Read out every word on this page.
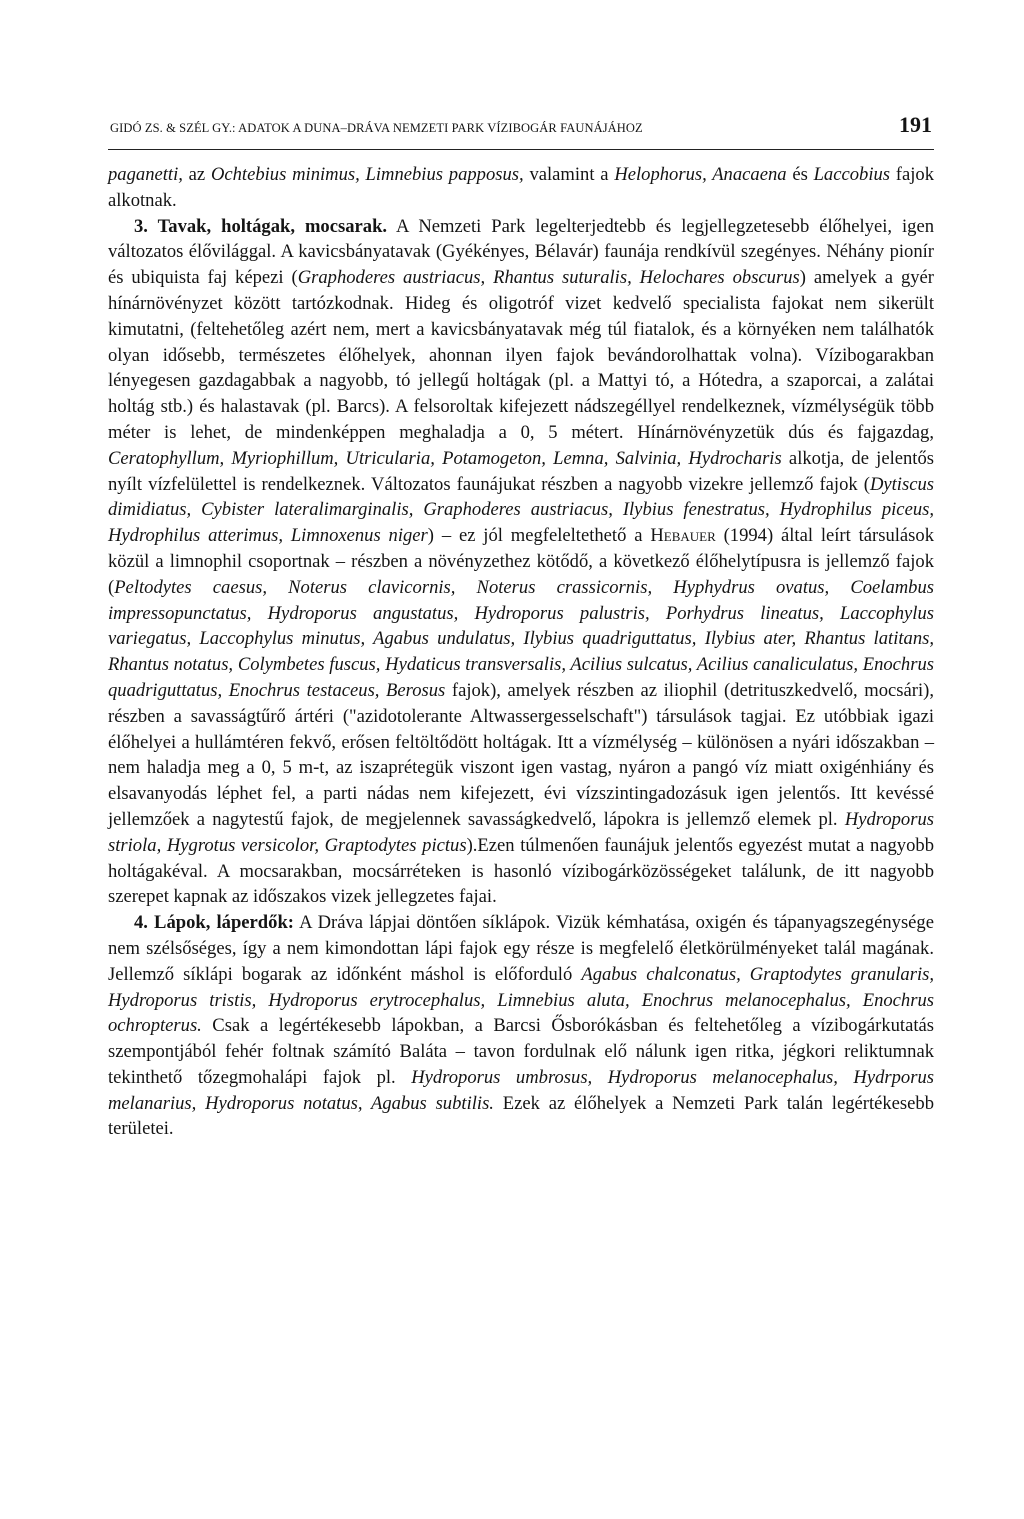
GIDÓ ZS. & SZÉL GY.: ADATOK A DUNA–DRÁVA NEMZETI PARK VÍZIBOGÁR FAUNÁJÁHOZ	191

paganetti, az Ochtebius minimus, Limnebius papposus, valamint a Helophorus, Anacaena és Laccobius fajok alkotnak.

3. Tavak, holtágak, mocsarak. A Nemzeti Park legelterjedtebb és legjellegzetesebb élőhelyei, igen változatos élővilággal. A kavicsbányatavak (Gyékényes, Bélavár) faunája rendkívül szegényes. Néhány pionír és ubiquista faj képezi (Graphoderes austriacus, Rhantus suturalis, Helochares obscurus) amelyek a gyér hínárnövényzet között tartózkodnak. Hideg és oligotróf vizet kedvelő specialista fajokat nem sikerült kimutatni, (feltehetőleg azért nem, mert a kavicsbányatavak még túl fiatalok, és a környéken nem találhatók olyan idősebb, természetes élőhelyek, ahonnan ilyen fajok bevándorolhattak volna). Vízibogarakban lényegesen gazdagabbak a nagyobb, tó jellegű holtágak (pl. a Mattyi tó, a Hótedra, a szaporcai, a zalátai holtág stb.) és halastavak (pl. Barcs). A felsoroltak kifejezett nádszegéllyel rendelkeznek, vízmélységük több méter is lehet, de mindenképpen meghaladja a 0, 5 métert. Hínárnövényzetük dús és fajgazdag, Ceratophyllum, Myriophillum, Utricularia, Potamogeton, Lemna, Salvinia, Hydrocharis alkotja, de jelentős nyílt vízfelülettel is rendelkeznek. Változatos faunájukat részben a nagyobb vizekre jellemző fajok (Dytiscus dimidiatus, Cybister lateralimarginalis, Graphoderes austriacus, Ilybius fenestratus, Hydrophilus piceus, Hydrophilus atterimus, Limnoxenus niger) – ez jól megfeleltethető a Hebauer (1994) által leírt társulások közül a limnophil csoportnak – részben a növényzethez kötődő, a következő élőhelytípusra is jellemző fajok (Peltodytes caesus, Noterus clavicornis, Noterus crassicornis, Hyphydrus ovatus, Coelambus impressopunctatus, Hydroporus angustatus, Hydroporus palustris, Porhydrus lineatus, Laccophylus variegatus, Laccophylus minutus, Agabus undulatus, Ilybius quadriguttatus, Ilybius ater, Rhantus latitans, Rhantus notatus, Colymbetes fuscus, Hydaticus transversalis, Acilius sulcatus, Acilius canaliculatus, Enochrus quadriguttatus, Enochrus testaceus, Berosus fajok), amelyek részben az iliophil (detrituszkedvelő, mocsári), részben a savasságtűrő ártéri ("azidotolerante Altwassergesselschaft") társulások tagjai. Ez utóbbiak igazi élőhelyei a hullámtéren fekvő, erősen feltöltődött holtágak. Itt a vízmélység – különösen a nyári időszakban – nem haladja meg a 0, 5 m-t, az iszaprétegük viszont igen vastag, nyáron a pangó víz miatt oxigénhiány és elsavanyodás léphet fel, a parti nádas nem kifejezett, évi vízszintingadozásuk igen jelentős. Itt kevéssé jellemzőek a nagytestű fajok, de megjelennek savasságkedvelő, lápokra is jellemző elemek pl. Hydroporus striola, Hygrotus versicolor, Graptodytes pictus).Ezen túlmenően faunájuk jelentős egyezést mutat a nagyobb holtágakéval. A mocsarakban, mocsárréteken is hasonló vízibogárközösségeket találunk, de itt nagyobb szerepet kapnak az időszakos vizek jellegzetes fajai.

4. Lápok, láperdők: A Dráva lápjai döntően síklápok. Vizük kémhatása, oxigén és tápanyagszegénysége nem szélsőséges, így a nem kimondottan lápi fajok egy része is megfelelő életkörülményeket talál magának. Jellemző síklápi bogarak az időnként máshol is előforduló Agabus chalconatus, Graptodytes granularis, Hydroporus tristis, Hydroporus erytrocephalus, Limnebius aluta, Enochrus melanocephalus, Enochrus ochropterus. Csak a legértékesebb lápokban, a Barcsi Ősborókásban és feltehetőleg a vízibogárkutatás szempontjából fehér foltnak számító Baláta – tavon fordulnak elő nálunk igen ritka, jégkori reliktumnak tekinthető tőzegmohalápi fajok pl. Hydroporus umbrosus, Hydroporus melanocephalus, Hydrporus melanarius, Hydroporus notatus, Agabus subtilis. Ezek az élőhelyek a Nemzeti Park talán legértékesebb területei.
